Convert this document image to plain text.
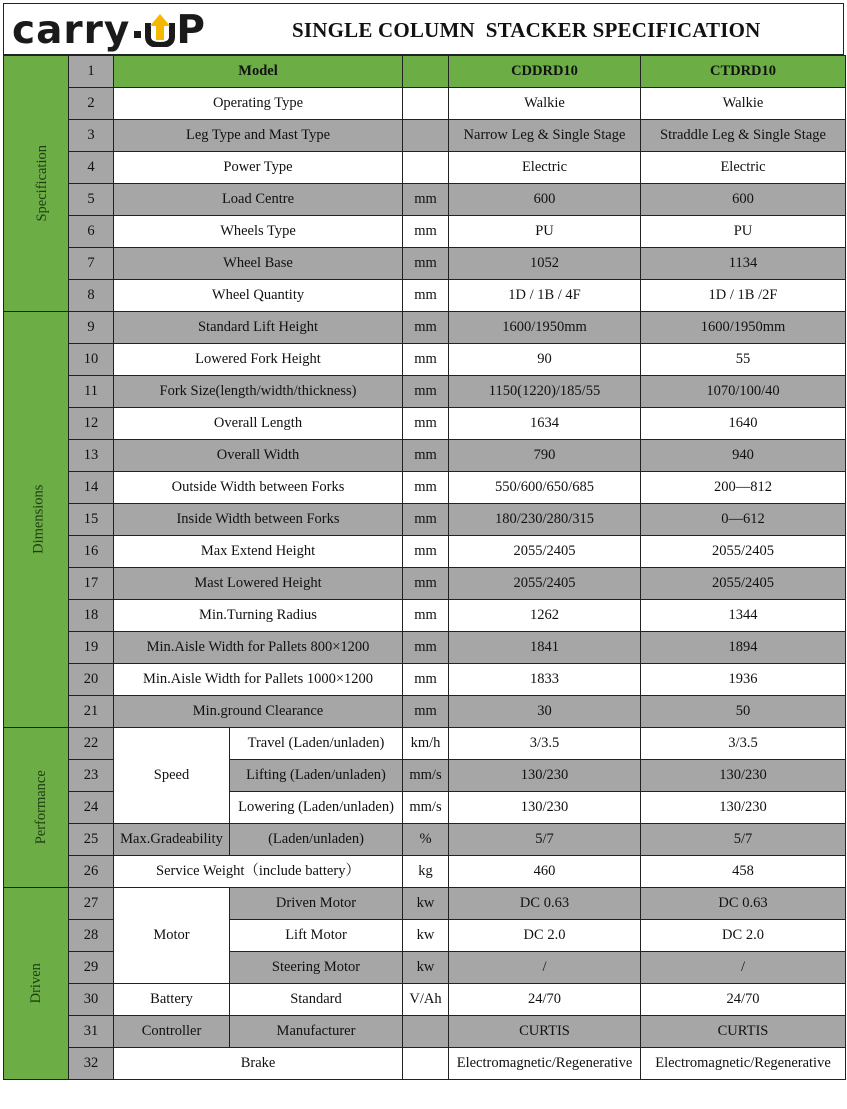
carry P	SINGLE COLUMN  STACKER SPECIFICATION
Specification	1	Model			CDDRD10	CTDRD10
	2	Operating Type			Walkie	Walkie
	3	Leg Type and Mast Type			Narrow Leg & Single Stage	Straddle Leg & Single Stage
	4	Power Type			Electric	Electric
	5	Load Centre		mm	600	600
	6	Wheels Type		mm	PU	PU
	7	Wheel Base		mm	1052	1134
	8	Wheel Quantity		mm	1D / 1B / 4F	1D / 1B /2F
Dimensions	9	Standard Lift Height		mm	1600/1950mm	1600/1950mm
	10	Lowered Fork Height		mm	90	55
	11	Fork Size(length/width/thickness)		mm	1150(1220)/185/55	1070/100/40
	12	Overall Length		mm	1634	1640
	13	Overall Width		mm	790	940
	14	Outside Width between Forks		mm	550/600/650/685	200—812
	15	Inside Width between Forks		mm	180/230/280/315	0—612
	16	Max Extend Height		mm	2055/2405	2055/2405
	17	Mast Lowered Height		mm	2055/2405	2055/2405
	18	Min.Turning Radius		mm	1262	1344
	19	Min.Aisle Width for Pallets 800×1200		mm	1841	1894
	20	Min.Aisle Width for Pallets 1000×1200		mm	1833	1936
	21	Min.ground Clearance		mm	30	50
Performance	22	Speed	Travel (Laden/unladen)	km/h	3/3.5	3/3.5
	23		Lifting (Laden/unladen)	mm/s	130/230	130/230
	24		Lowering (Laden/unladen)	mm/s	130/230	130/230
	25	Max.Gradeability	(Laden/unladen)	%	5/7	5/7
	26	Service Weight（include battery）		kg	460	458
Driven	27	Motor	Driven Motor	kw	DC 0.63	DC 0.63
	28		Lift Motor	kw	DC 2.0	DC 2.0
	29		Steering Motor	kw	/	/
	30	Battery	Standard	V/Ah	24/70	24/70
	31	Controller	Manufacturer		CURTIS	CURTIS
	32	Brake			Electromagnetic/Regenerative	Electromagnetic/Regenerative
